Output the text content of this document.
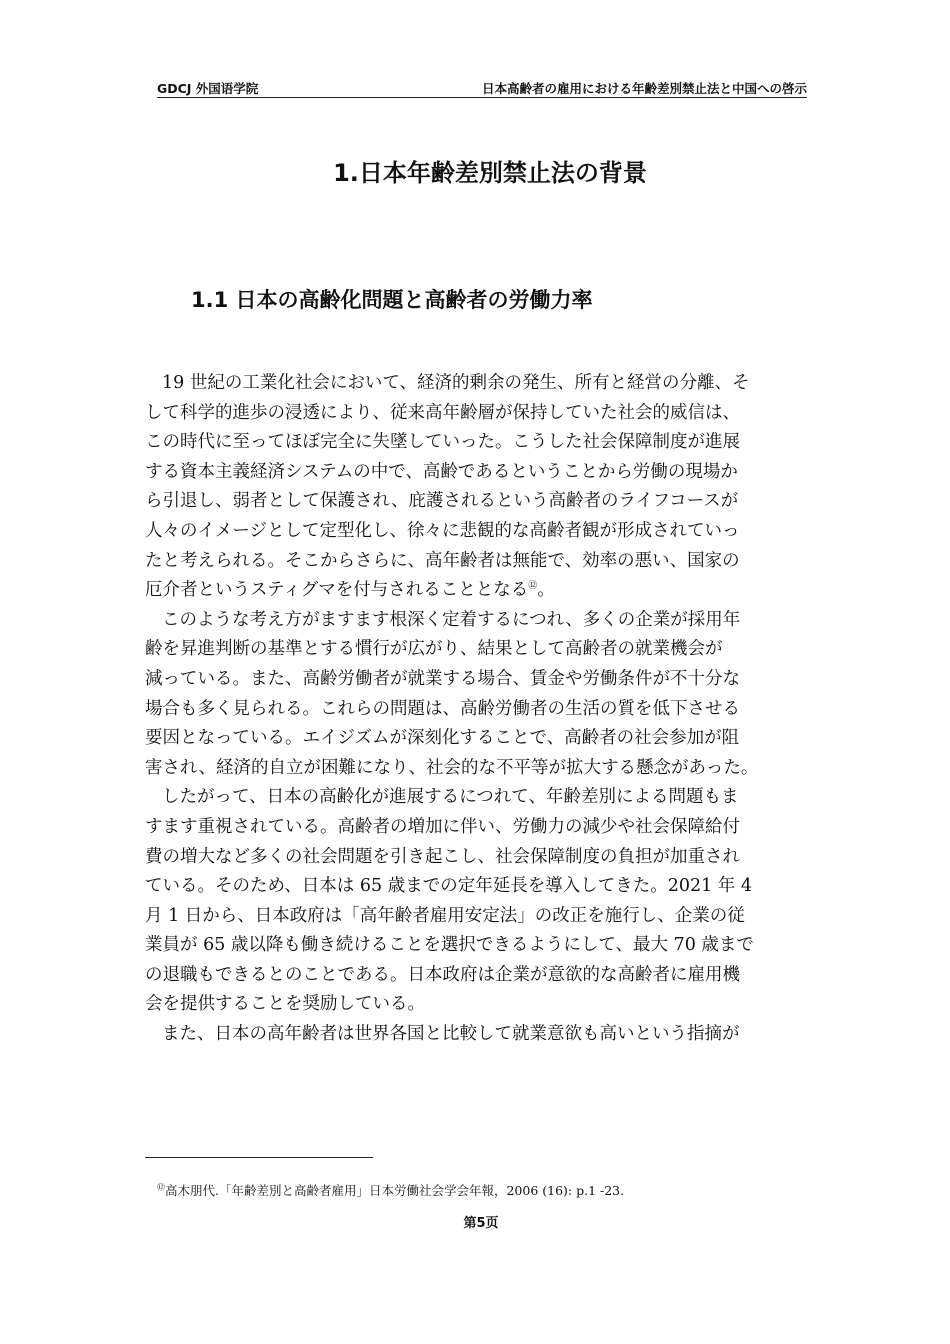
GDCJ 外国语学院	日本高齢者の雇用における年齢差別禁止法と中国への啓示
1.日本年齢差別禁止法の背景
1.1 日本の高齢化問題と高齢者の労働力率
19 世紀の工業化社会において、経済的剰余の発生、所有と経営の分離、そ
して科学的進歩の浸透により、従来高年齢層が保持していた社会的威信は、
この時代に至ってほぼ完全に失墜していった。こうした社会保障制度が進展
する資本主義経済システムの中で、高齢であるということから労働の現場か
ら引退し、弱者として保護され、庇護されるという高齢者のライフコースが
人々のイメージとして定型化し、徐々に悲観的な高齢者観が形成されていっ
たと考えられる。そこからさらに、高年齢者は無能で、効率の悪い、国家の
厄介者というスティグマを付与されることとなる⑫。
このような考え方がますます根深く定着するにつれ、多くの企業が採用年
齢を昇進判断の基準とする慣行が広がり、結果として高齢者の就業機会が
減っている。また、高齢労働者が就業する場合、賃金や労働条件が不十分な
場合も多く見られる。これらの問題は、高齢労働者の生活の質を低下させる
要因となっている。エイジズムが深刻化することで、高齢者の社会参加が阻
害され、経済的自立が困難になり、社会的な不平等が拡大する懸念があった。
したがって、日本の高齢化が進展するにつれて、年齢差別による問題もま
すます重視されている。高齢者の増加に伴い、労働力の減少や社会保障給付
費の増大など多くの社会問題を引き起こし、社会保障制度の負担が加重され
ている。そのため、日本は 65 歳までの定年延長を導入してきた。2021 年 4
月 1 日から、日本政府は「高年齢者雇用安定法」の改正を施行し、企業の従
業員が 65 歳以降も働き続けることを選択できるようにして、最大 70 歳まで
の退職もできるとのことである。日本政府は企業が意欲的な高齢者に雇用機
会を提供することを奨励している。
また、日本の高年齢者は世界各国と比較して就業意欲も高いという指摘が
⑫高木朋代.「年齢差別と高齢者雇用」日本労働社会学会年報，2006 (16): p.1 -23.
第5页
